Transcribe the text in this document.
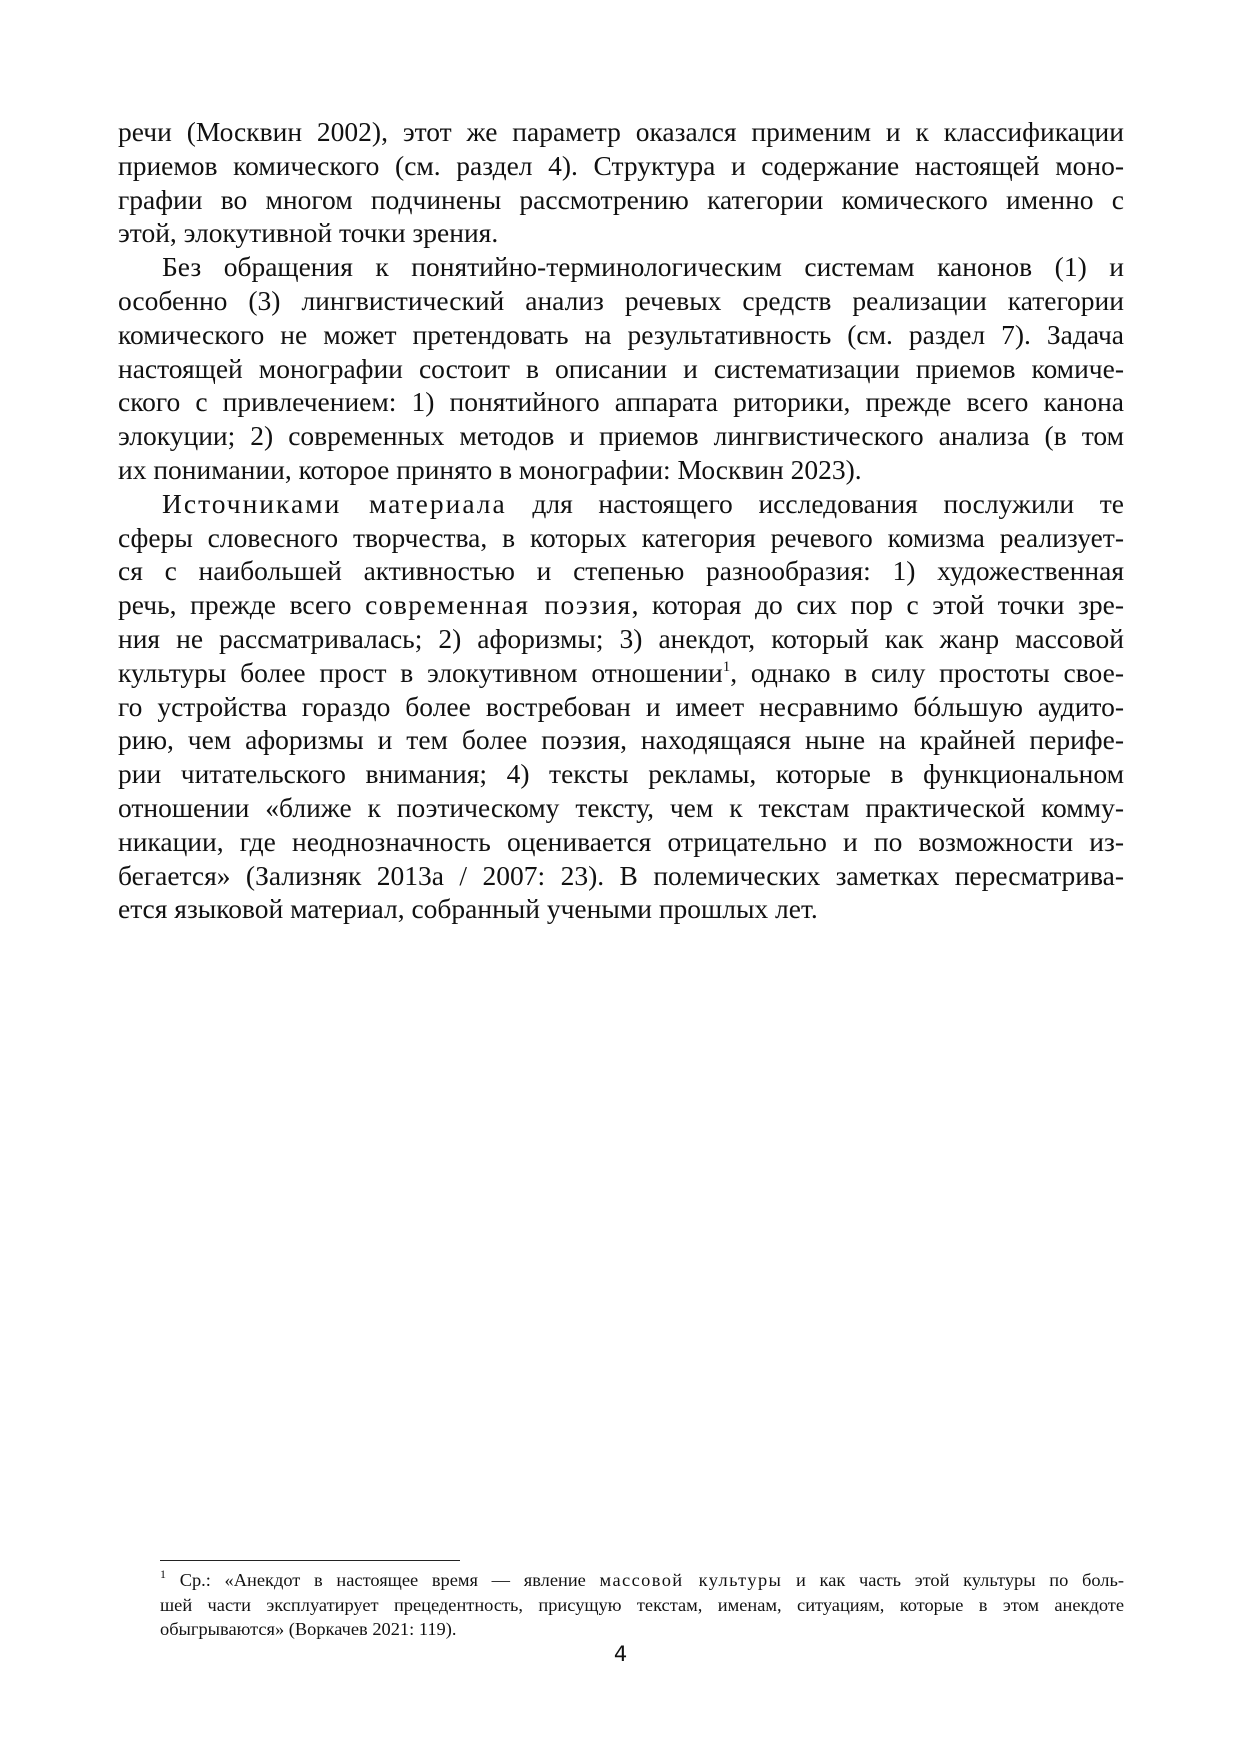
речи (Москвин 2002), этот же параметр оказался применим и к классификации
приемов комического (см. раздел 4). Структура и содержание настоящей моно-
графии во многом подчинены рассмотрению категории комического именно с
этой, элокутивной точки зрения.

Без обращения к понятийно-терминологическим системам канонов (1) и
особенно (3) лингвистический анализ речевых средств реализации категории
комического не может претендовать на результативность (см. раздел 7). Задача
настоящей монографии состоит в описании и систематизации приемов комиче-
ского с привлечением: 1) понятийного аппарата риторики, прежде всего канона
элокуции; 2) современных методов и приемов лингвистического анализа (в том
их понимании, которое принято в монографии: Москвин 2023).

Источниками материала для настоящего исследования послужили те
сферы словесного творчества, в которых категория речевого комизма реализует-
ся с наибольшей активностью и степенью разнообразия: 1) художественная
речь, прежде всего современная поэзия, которая до сих пор с этой точки зре-
ния не рассматривалась; 2) афоризмы; 3) анекдот, который как жанр массовой
культуры более прост в элокутивном отношении$^1$, однако в силу простоты свое-
го устройства гораздо более востребован и имеет несравнимо бóльшую аудито-
рию, чем афоризмы и тем более поэзия, находящаяся ныне на крайней перифе-
рии читательского внимания; 4) тексты рекламы, которые в функциональном
отношении «ближе к поэтическому тексту, чем к текстам практической комму-
никации, где неоднозначность оценивается отрицательно и по возможности из-
бегается» (Зализняк 2013а / 2007: 23). В полемических заметках пересматрива-
ется языковой материал, собранный учеными прошлых лет.

$^1$ Ср.: «Анекдот в настоящее время — явление массовой культуры и как часть этой культуры по боль-
шей части эксплуатирует прецедентность, присущую текстам, именам, ситуациям, которые в этом анекдоте
обыгрываются» (Воркачев 2021: 119).
4
